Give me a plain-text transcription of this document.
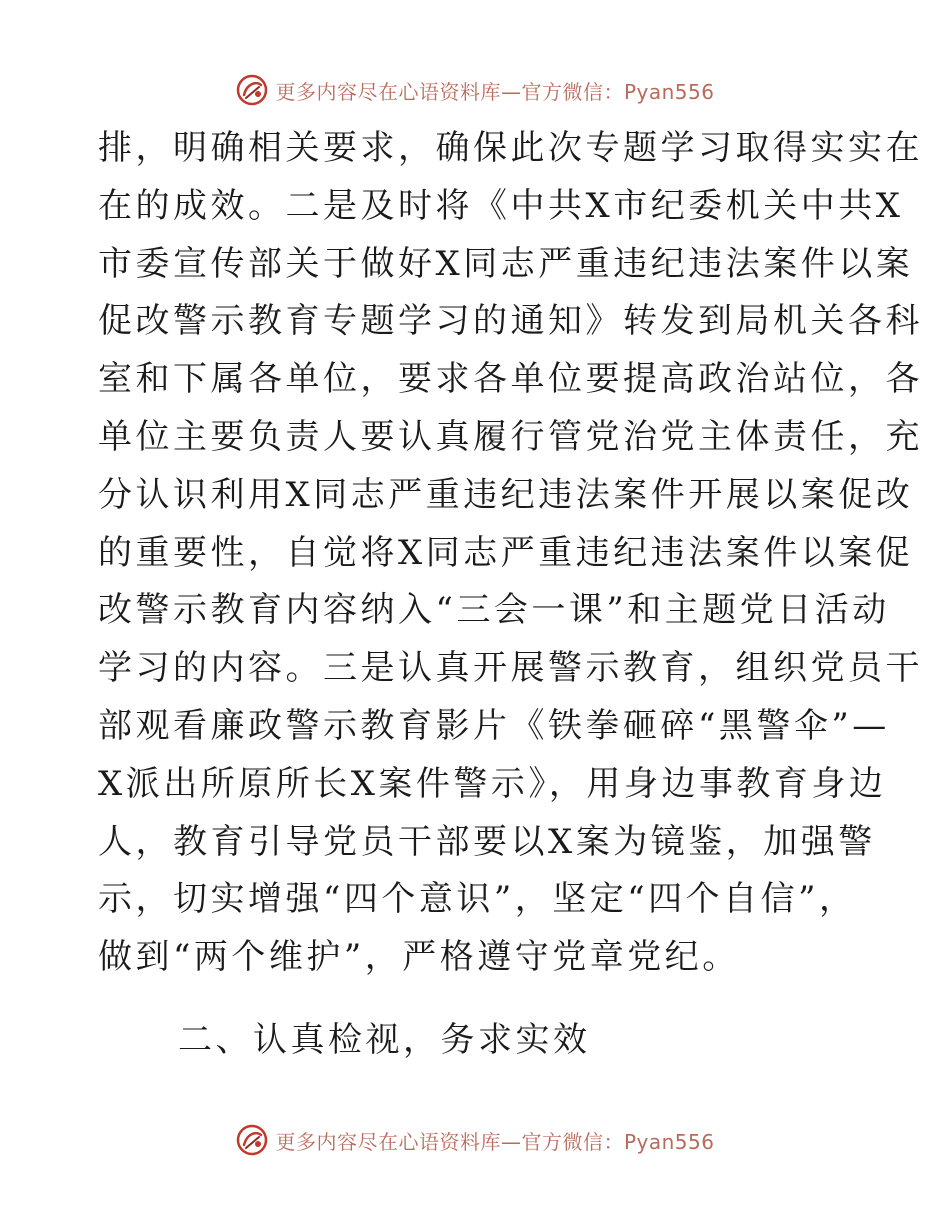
更多内容尽在心语资料库—官方微信：Pyan556
排，明确相关要求，确保此次专题学习取得实实在
在的成效。二是及时将《中共X市纪委机关中共X
市委宣传部关于做好X同志严重违纪违法案件以案
促改警示教育专题学习的通知》转发到局机关各科
室和下属各单位，要求各单位要提高政治站位，各
单位主要负责人要认真履行管党治党主体责任，充
分认识利用X同志严重违纪违法案件开展以案促改
的重要性，自觉将X同志严重违纪违法案件以案促
改警示教育内容纳入“三会一课”和主题党日活动
学习的内容。三是认真开展警示教育，组织党员干
部观看廉政警示教育影片《铁拳砸碎“黑警伞”—
X派出所原所长X案件警示》，用身边事教育身边
人，教育引导党员干部要以X案为镜鉴，加强警
示，切实增强“四个意识”，坚定“四个自信”，
做到“两个维护”，严格遵守党章党纪。
二、认真检视，务求实效
更多内容尽在心语资料库—官方微信：Pyan556
